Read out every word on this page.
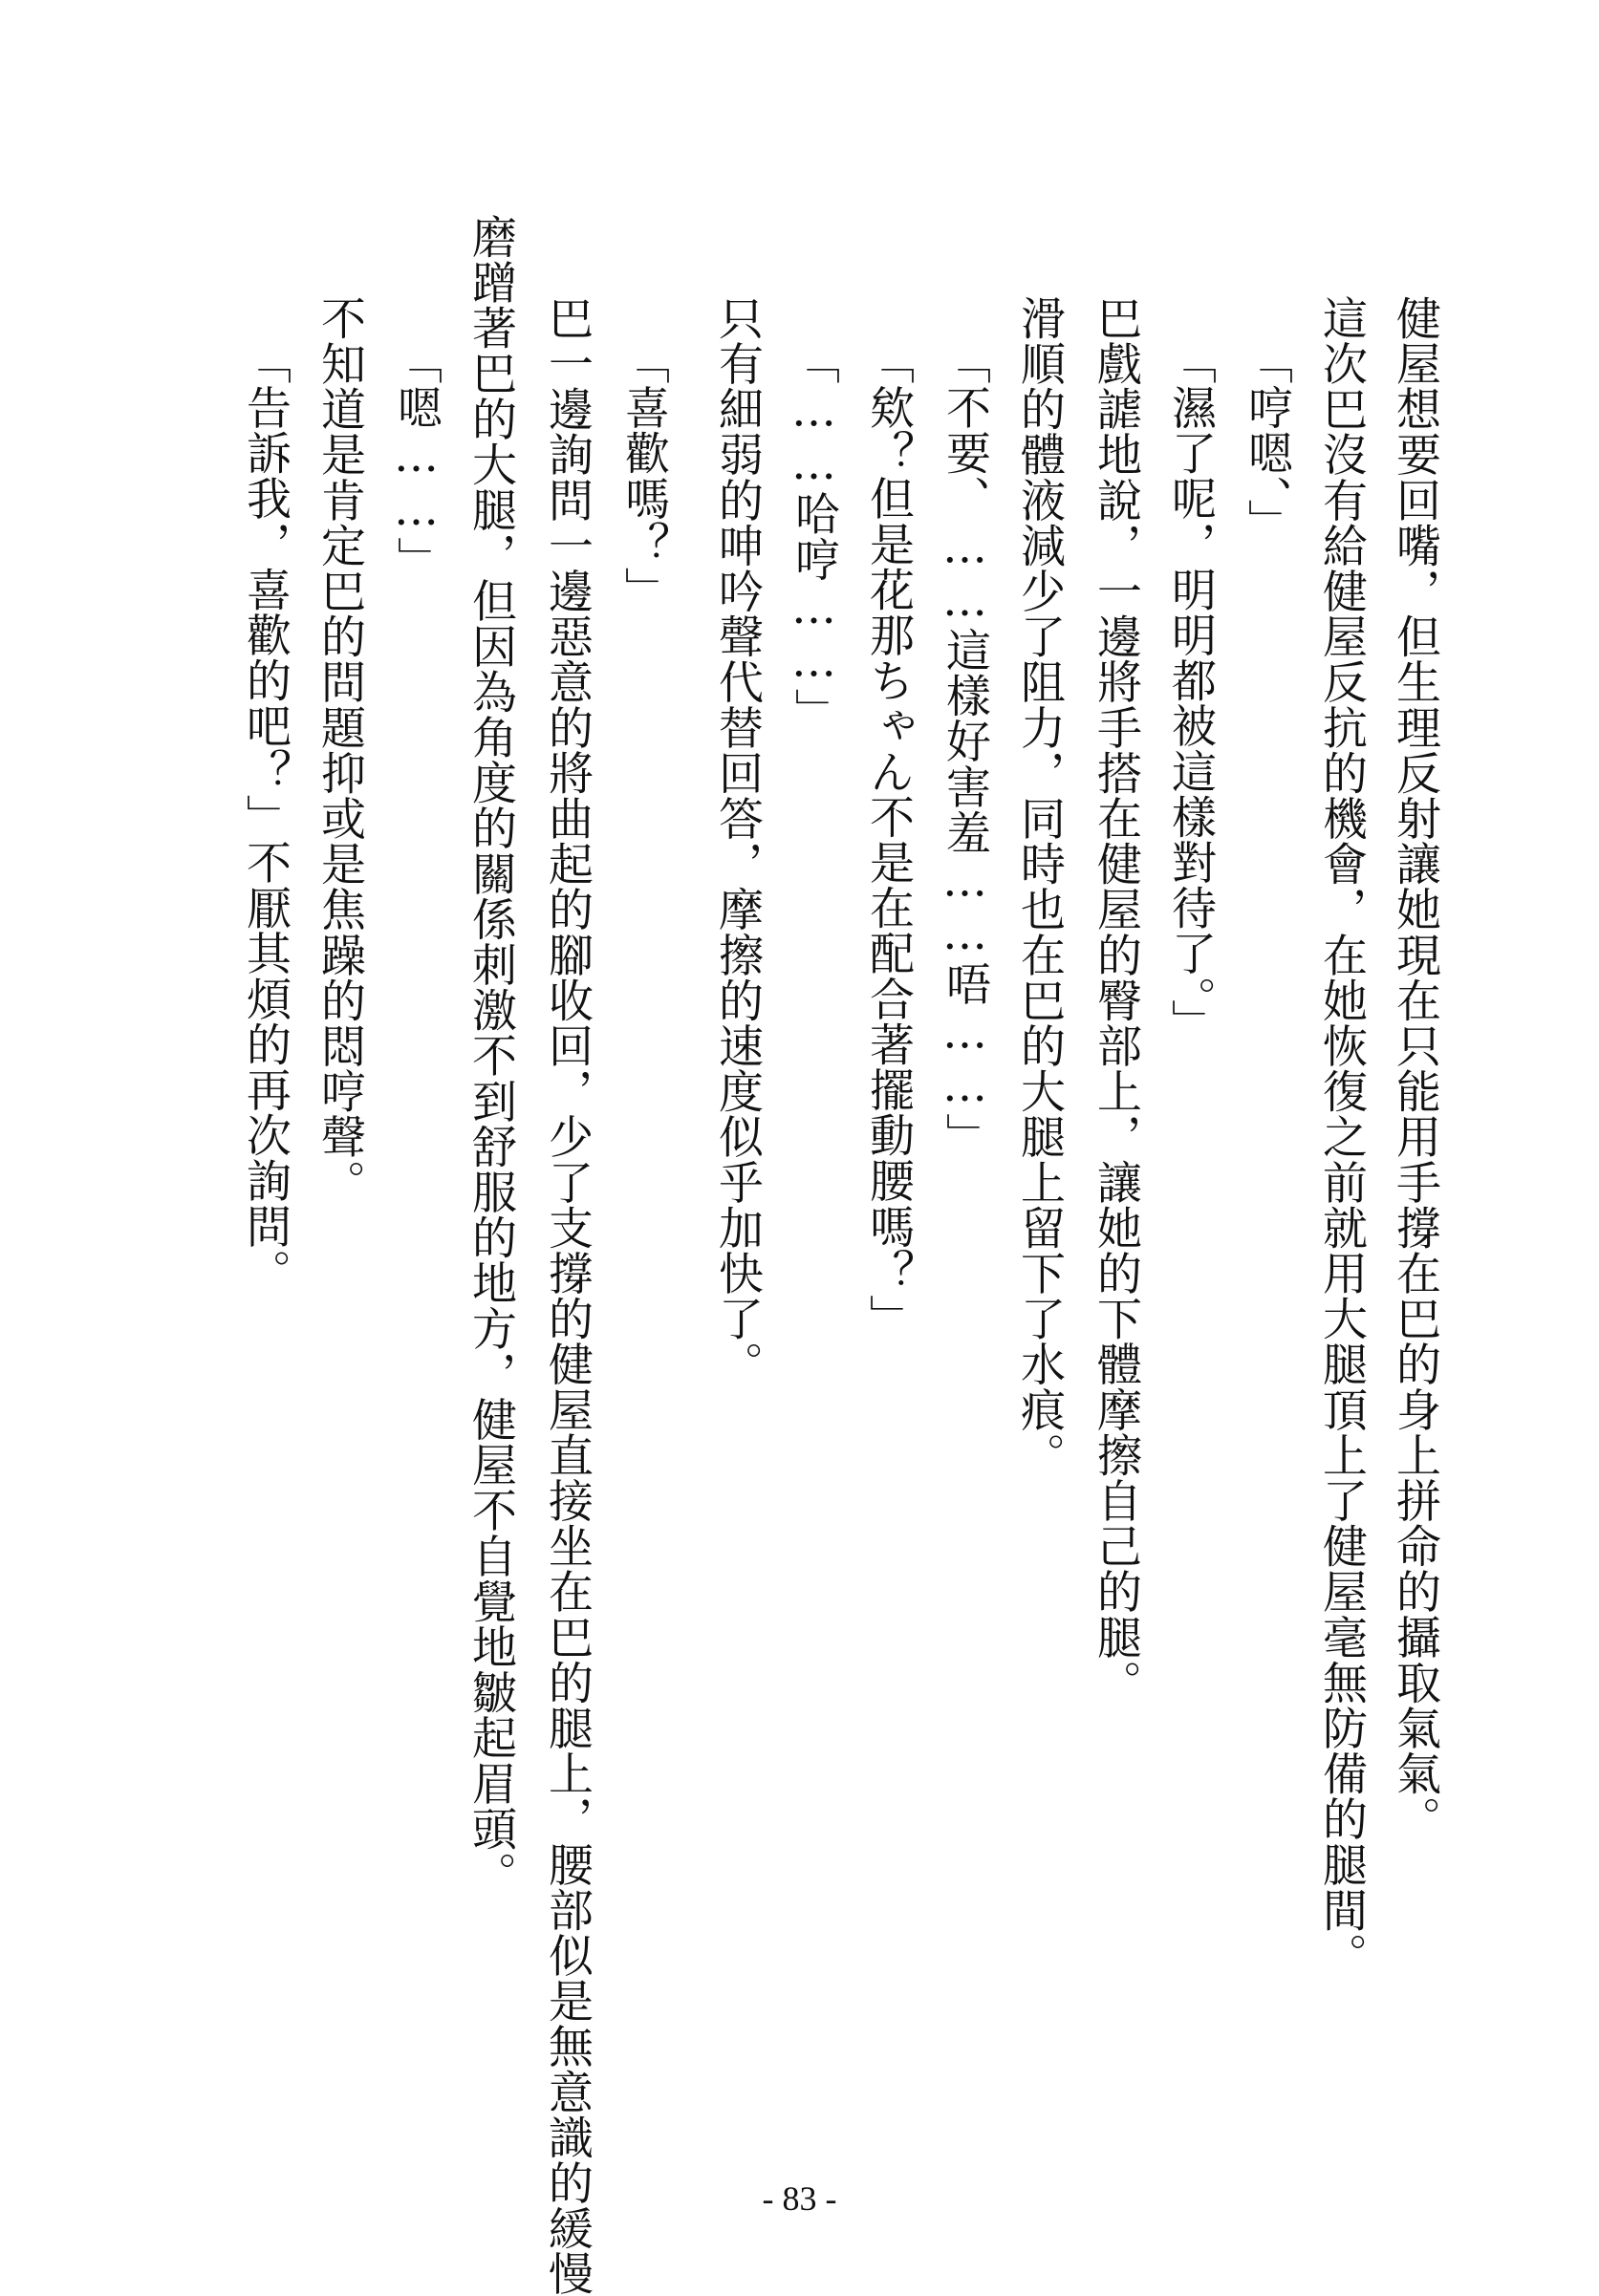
健屋想要回嘴，但生理反射讓她現在只能用手撐在巴的身上拼命的攝取氣氣。

這次巴沒有給健屋反抗的機會，在她恢復之前就用大腿頂上了健屋毫無防備的腿間。

「哼嗯、」

「濕了呢，明明都被這樣對待了。」

巴戲謔地說，一邊將手搭在健屋的臀部上，讓她的下體摩擦自己的腿。

滑順的體液減少了阻力，同時也在巴的大腿上留下了水痕。

「不要、……這樣好害羞……唔……」

「欸？但是花那ちゃん不是在配合著擺動腰嗎？」

「……哈哼……」

只有細弱的呻吟聲代替回答，摩擦的速度似乎加快了。

「喜歡嗎？」

巴一邊詢問一邊惡意的將曲起的腳收回，少了支撐的健屋直接坐在巴的腿上，腰部似是無意識的緩慢

磨蹭著巴的大腿，但因為角度的關係刺激不到舒服的地方，健屋不自覺地皺起眉頭。

「嗯……」

不知道是肯定巴的問題抑或是焦躁的悶哼聲。

「告訴我，喜歡的吧？」不厭其煩的再次詢問。

- 83 -
